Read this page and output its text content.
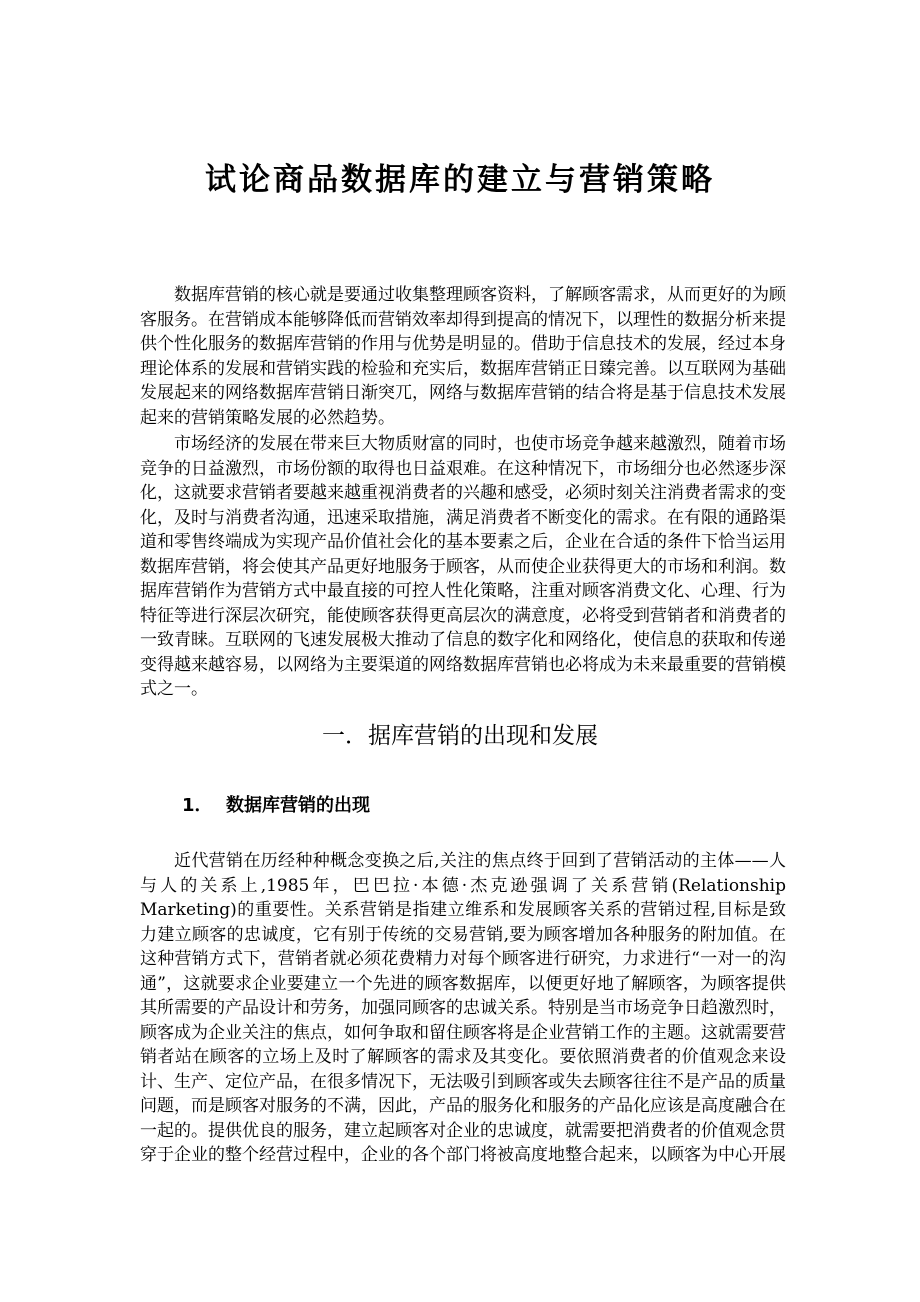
试论商品数据库的建立与营销策略

数据库营销的核心就是要通过收集整理顾客资料，了解顾客需求，从而更好的为顾客服务。在营销成本能够降低而营销效率却得到提高的情况下，以理性的数据分析来提供个性化服务的数据库营销的作用与优势是明显的。借助于信息技术的发展，经过本身理论体系的发展和营销实践的检验和充实后，数据库营销正日臻完善。以互联网为基础发展起来的网络数据库营销日渐突兀，网络与数据库营销的结合将是基于信息技术发展起来的营销策略发展的必然趋势。

市场经济的发展在带来巨大物质财富的同时，也使市场竞争越来越激烈，随着市场竞争的日益激烈，市场份额的取得也日益艰难。在这种情况下，市场细分也必然逐步深化，这就要求营销者要越来越重视消费者的兴趣和感受，必须时刻关注消费者需求的变化，及时与消费者沟通，迅速采取措施，满足消费者不断变化的需求。在有限的通路渠道和零售终端成为实现产品价值社会化的基本要素之后，企业在合适的条件下恰当运用数据库营销，将会使其产品更好地服务于顾客，从而使企业获得更大的市场和利润。数据库营销作为营销方式中最直接的可控人性化策略，注重对顾客消费文化、心理、行为特征等进行深层次研究，能使顾客获得更高层次的满意度，必将受到营销者和消费者的一致青睐。互联网的飞速发展极大推动了信息的数字化和网络化，使信息的获取和传递变得越来越容易，以网络为主要渠道的网络数据库营销也必将成为未来最重要的营销模式之一。

一．据库营销的出现和发展
1． 数据库营销的出现

近代营销在历经种种概念变换之后,关注的焦点终于回到了营销活动的主体——人与人的关系上,1985年，巴巴拉·本德·杰克逊强调了关系营销(Relationship Marketing)的重要性。关系营销是指建立维系和发展顾客关系的营销过程,目标是致力建立顾客的忠诚度，它有别于传统的交易营销,要为顾客增加各种服务的附加值。在这种营销方式下，营销者就必须花费精力对每个顾客进行研究，力求进行“一对一的沟通”，这就要求企业要建立一个先进的顾客数据库，以便更好地了解顾客，为顾客提供其所需要的产品设计和劳务，加强同顾客的忠诚关系。特别是当市场竞争日趋激烈时，顾客成为企业关注的焦点，如何争取和留住顾客将是企业营销工作的主题。这就需要营销者站在顾客的立场上及时了解顾客的需求及其变化。要依照消费者的价值观念来设计、生产、定位产品，在很多情况下，无法吸引到顾客或失去顾客往往不是产品的质量问题，而是顾客对服务的不满，因此，产品的服务化和服务的产品化应该是高度融合在一起的。提供优良的服务，建立起顾客对企业的忠诚度，就需要把消费者的价值观念贯穿于企业的整个经营过程中，企业的各个部门将被高度地整合起来，以顾客为中心开展
